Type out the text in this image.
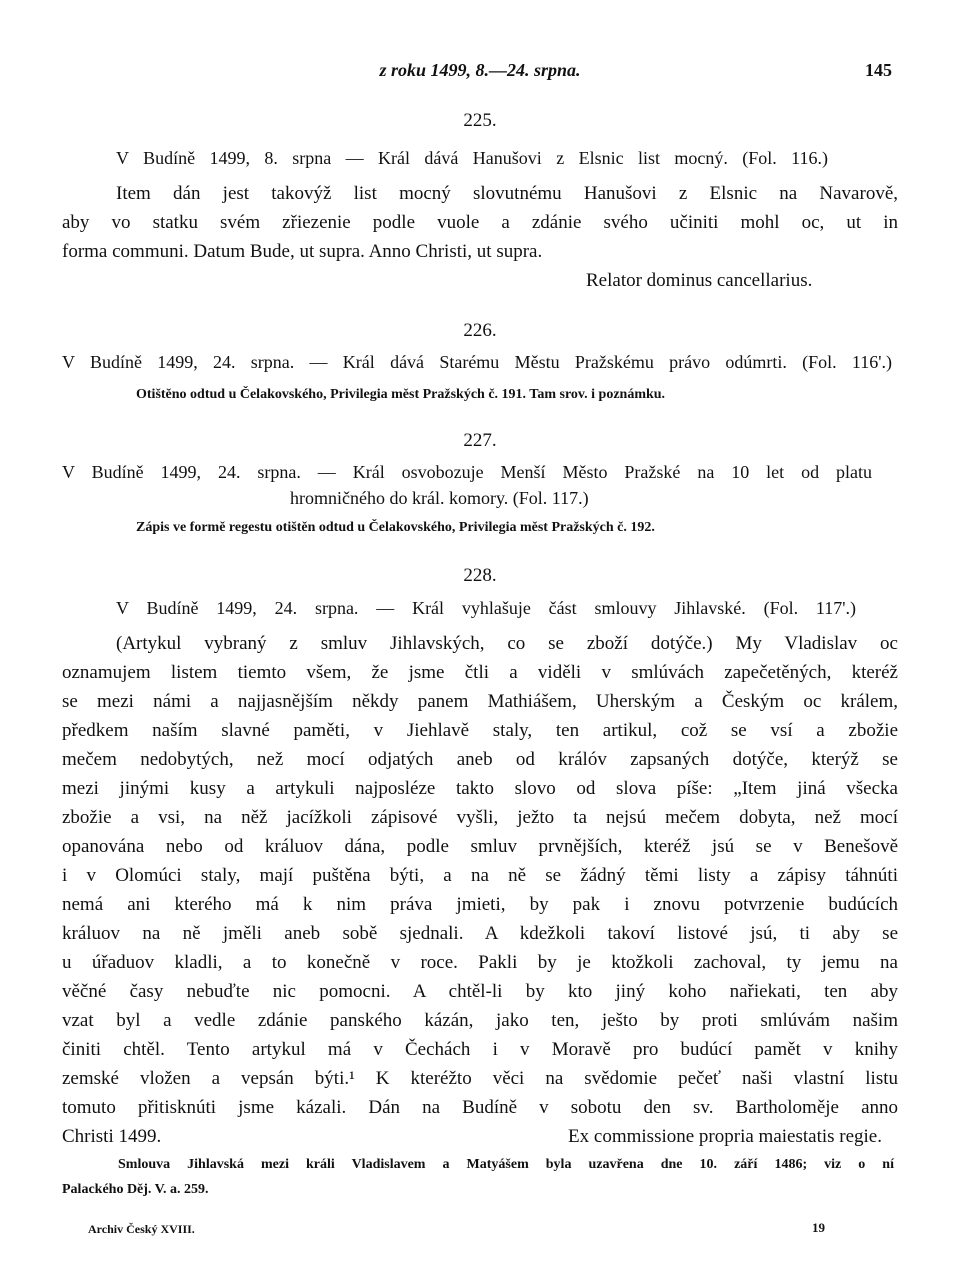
z roku 1499, 8.—24. srpna.	145
225.
V Budíně 1499, 8. srpna — Král dává Hanušovi z Elsnic list mocný. (Fol. 116.)
Item dán jest takovýž list mocný slovutnému Hanušovi z Elsnic na Navarově,
aby vo statku svém zřiezenie podle vuole a zdánie svého učiniti mohl oc, ut in
forma communi. Datum Bude, ut supra. Anno Christi, ut supra.
Relator dominus cancellarius.
226.
V Budíně 1499, 24. srpna. — Král dává Starému Městu Pražskému právo odúmrti. (Fol. 116'.)
Otištěno odtud u Čelakovského, Privilegia měst Pražských č. 191. Tam srov. i poznámku.
227.
V Budíně 1499, 24. srpna. — Král osvobozuje Menší Město Pražské na 10 let od platu
hromničného do král. komory. (Fol. 117.)
Zápis ve formě regestu otištěn odtud u Čelakovského, Privilegia měst Pražských č. 192.
228.
V Budíně 1499, 24. srpna. — Král vyhlašuje část smlouvy Jihlavské. (Fol. 117'.)
(Artykul vybraný z smluv Jihlavských, co se zboží dotýče.) My Vladislav oc
oznamujem listem tiemto všem, že jsme čtli a viděli v smlúvách zapečetěných, kteréž
se mezi námi a najjasnějším někdy panem Mathiášem, Uherským a Českým oc králem,
předkem naším slavné paměti, v Jiehlavě staly, ten artikul, což se vsí a zbožie
mečem nedobytých, než mocí odjatých aneb od králóv zapsaných dotýče, kterýž se
mezi jinými kusy a artykuli najposléze takto slovo od slova píše: „Item jiná všecka
zbožie a vsi, na něž jacížkoli zápisové vyšli, ježto ta nejsú mečem dobyta, než mocí
opanována nebo od králuov dána, podle smluv prvnějších, kteréž jsú se v Benešově
i v Olomúci staly, mají puštěna býti, a na ně se žádný těmi listy a zápisy táhnúti
nemá ani kterého má k nim práva jmieti, by pak i znovu potvrzenie budúcích
králuov na ně jměli aneb sobě sjednali. A kdežkoli takoví listové jsú, ti aby se
u úřaduov kladli, a to konečně v roce. Pakli by je ktožkoli zachoval, ty jemu na
věčné časy nebuďte nic pomocni. A chtěl-li by kto jiný koho nařiekati, ten aby
vzat byl a vedle zdánie panského kázán, jako ten, ješto by proti smlúvám našim
činiti chtěl. Tento artykul má v Čechách i v Moravě pro budúcí pamět v knihy
zemské vložen a vepsán býti.¹ K kteréžto věci na svědomie pečeť naši vlastní listu
tomuto přitisknúti jsme kázali. Dán na Budíně v sobotu den sv. Bartholoměje anno
Christi 1499.	Ex commissione propria maiestatis regie.
Smlouva Jihlavská mezi králi Vladislavem a Matyášem byla uzavřena dne 10. září 1486; viz o ní
Palackého Děj. V. a. 259.
Archiv Český XVIII.	19
